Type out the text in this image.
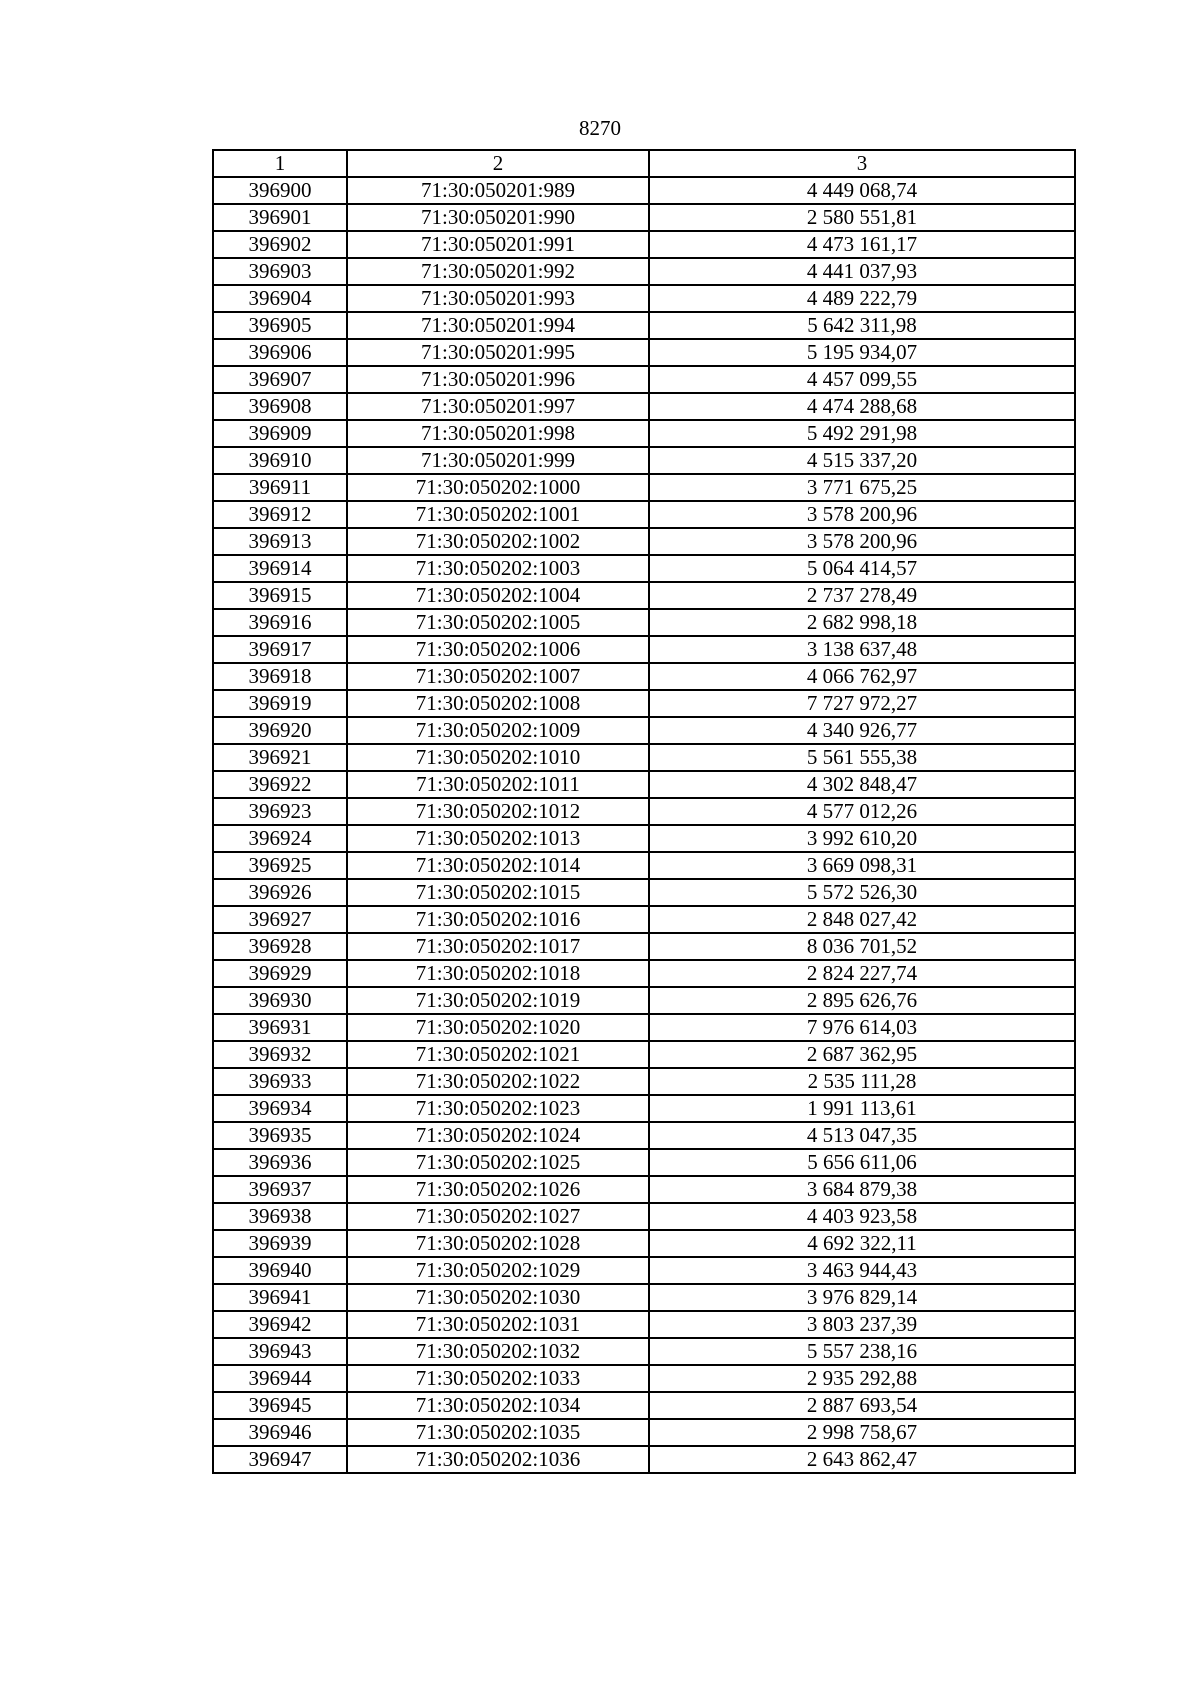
8270
1	2	3
396900	71:30:050201:989	4 449 068,74
396901	71:30:050201:990	2 580 551,81
396902	71:30:050201:991	4 473 161,17
396903	71:30:050201:992	4 441 037,93
396904	71:30:050201:993	4 489 222,79
396905	71:30:050201:994	5 642 311,98
396906	71:30:050201:995	5 195 934,07
396907	71:30:050201:996	4 457 099,55
396908	71:30:050201:997	4 474 288,68
396909	71:30:050201:998	5 492 291,98
396910	71:30:050201:999	4 515 337,20
396911	71:30:050202:1000	3 771 675,25
396912	71:30:050202:1001	3 578 200,96
396913	71:30:050202:1002	3 578 200,96
396914	71:30:050202:1003	5 064 414,57
396915	71:30:050202:1004	2 737 278,49
396916	71:30:050202:1005	2 682 998,18
396917	71:30:050202:1006	3 138 637,48
396918	71:30:050202:1007	4 066 762,97
396919	71:30:050202:1008	7 727 972,27
396920	71:30:050202:1009	4 340 926,77
396921	71:30:050202:1010	5 561 555,38
396922	71:30:050202:1011	4 302 848,47
396923	71:30:050202:1012	4 577 012,26
396924	71:30:050202:1013	3 992 610,20
396925	71:30:050202:1014	3 669 098,31
396926	71:30:050202:1015	5 572 526,30
396927	71:30:050202:1016	2 848 027,42
396928	71:30:050202:1017	8 036 701,52
396929	71:30:050202:1018	2 824 227,74
396930	71:30:050202:1019	2 895 626,76
396931	71:30:050202:1020	7 976 614,03
396932	71:30:050202:1021	2 687 362,95
396933	71:30:050202:1022	2 535 111,28
396934	71:30:050202:1023	1 991 113,61
396935	71:30:050202:1024	4 513 047,35
396936	71:30:050202:1025	5 656 611,06
396937	71:30:050202:1026	3 684 879,38
396938	71:30:050202:1027	4 403 923,58
396939	71:30:050202:1028	4 692 322,11
396940	71:30:050202:1029	3 463 944,43
396941	71:30:050202:1030	3 976 829,14
396942	71:30:050202:1031	3 803 237,39
396943	71:30:050202:1032	5 557 238,16
396944	71:30:050202:1033	2 935 292,88
396945	71:30:050202:1034	2 887 693,54
396946	71:30:050202:1035	2 998 758,67
396947	71:30:050202:1036	2 643 862,47
